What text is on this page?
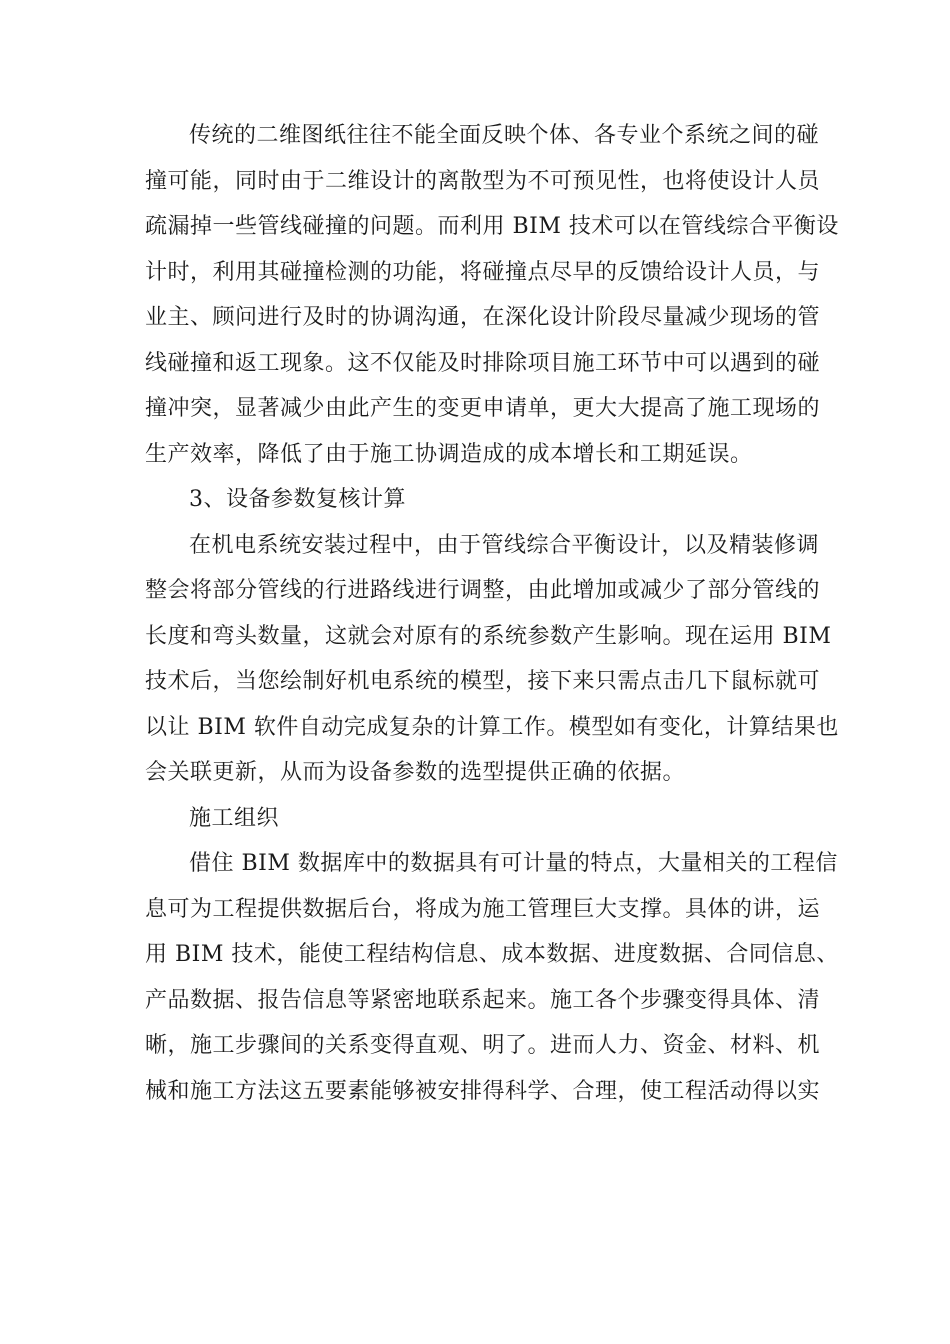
传统的二维图纸往往不能全面反映个体、各专业个系统之间的碰
撞可能，同时由于二维设计的离散型为不可预见性，也将使设计人员
疏漏掉一些管线碰撞的问题。而利用 BIM 技术可以在管线综合平衡设
计时，利用其碰撞检测的功能，将碰撞点尽早的反馈给设计人员，与
业主、顾问进行及时的协调沟通，在深化设计阶段尽量减少现场的管
线碰撞和返工现象。这不仅能及时排除项目施工环节中可以遇到的碰
撞冲突，显著减少由此产生的变更申请单，更大大提高了施工现场的
生产效率，降低了由于施工协调造成的成本增长和工期延误。
3、设备参数复核计算
在机电系统安装过程中，由于管线综合平衡设计，以及精装修调
整会将部分管线的行进路线进行调整，由此增加或减少了部分管线的
长度和弯头数量，这就会对原有的系统参数产生影响。现在运用 BIM
技术后，当您绘制好机电系统的模型，接下来只需点击几下鼠标就可
以让 BIM 软件自动完成复杂的计算工作。模型如有变化，计算结果也
会关联更新，从而为设备参数的选型提供正确的依据。
施工组织
借住 BIM 数据库中的数据具有可计量的特点，大量相关的工程信
息可为工程提供数据后台，将成为施工管理巨大支撑。具体的讲，运
用 BIM 技术，能使工程结构信息、成本数据、进度数据、合同信息、
产品数据、报告信息等紧密地联系起来。施工各个步骤变得具体、清
晰，施工步骤间的关系变得直观、明了。进而人力、资金、材料、机
械和施工方法这五要素能够被安排得科学、合理，使工程活动得以实
